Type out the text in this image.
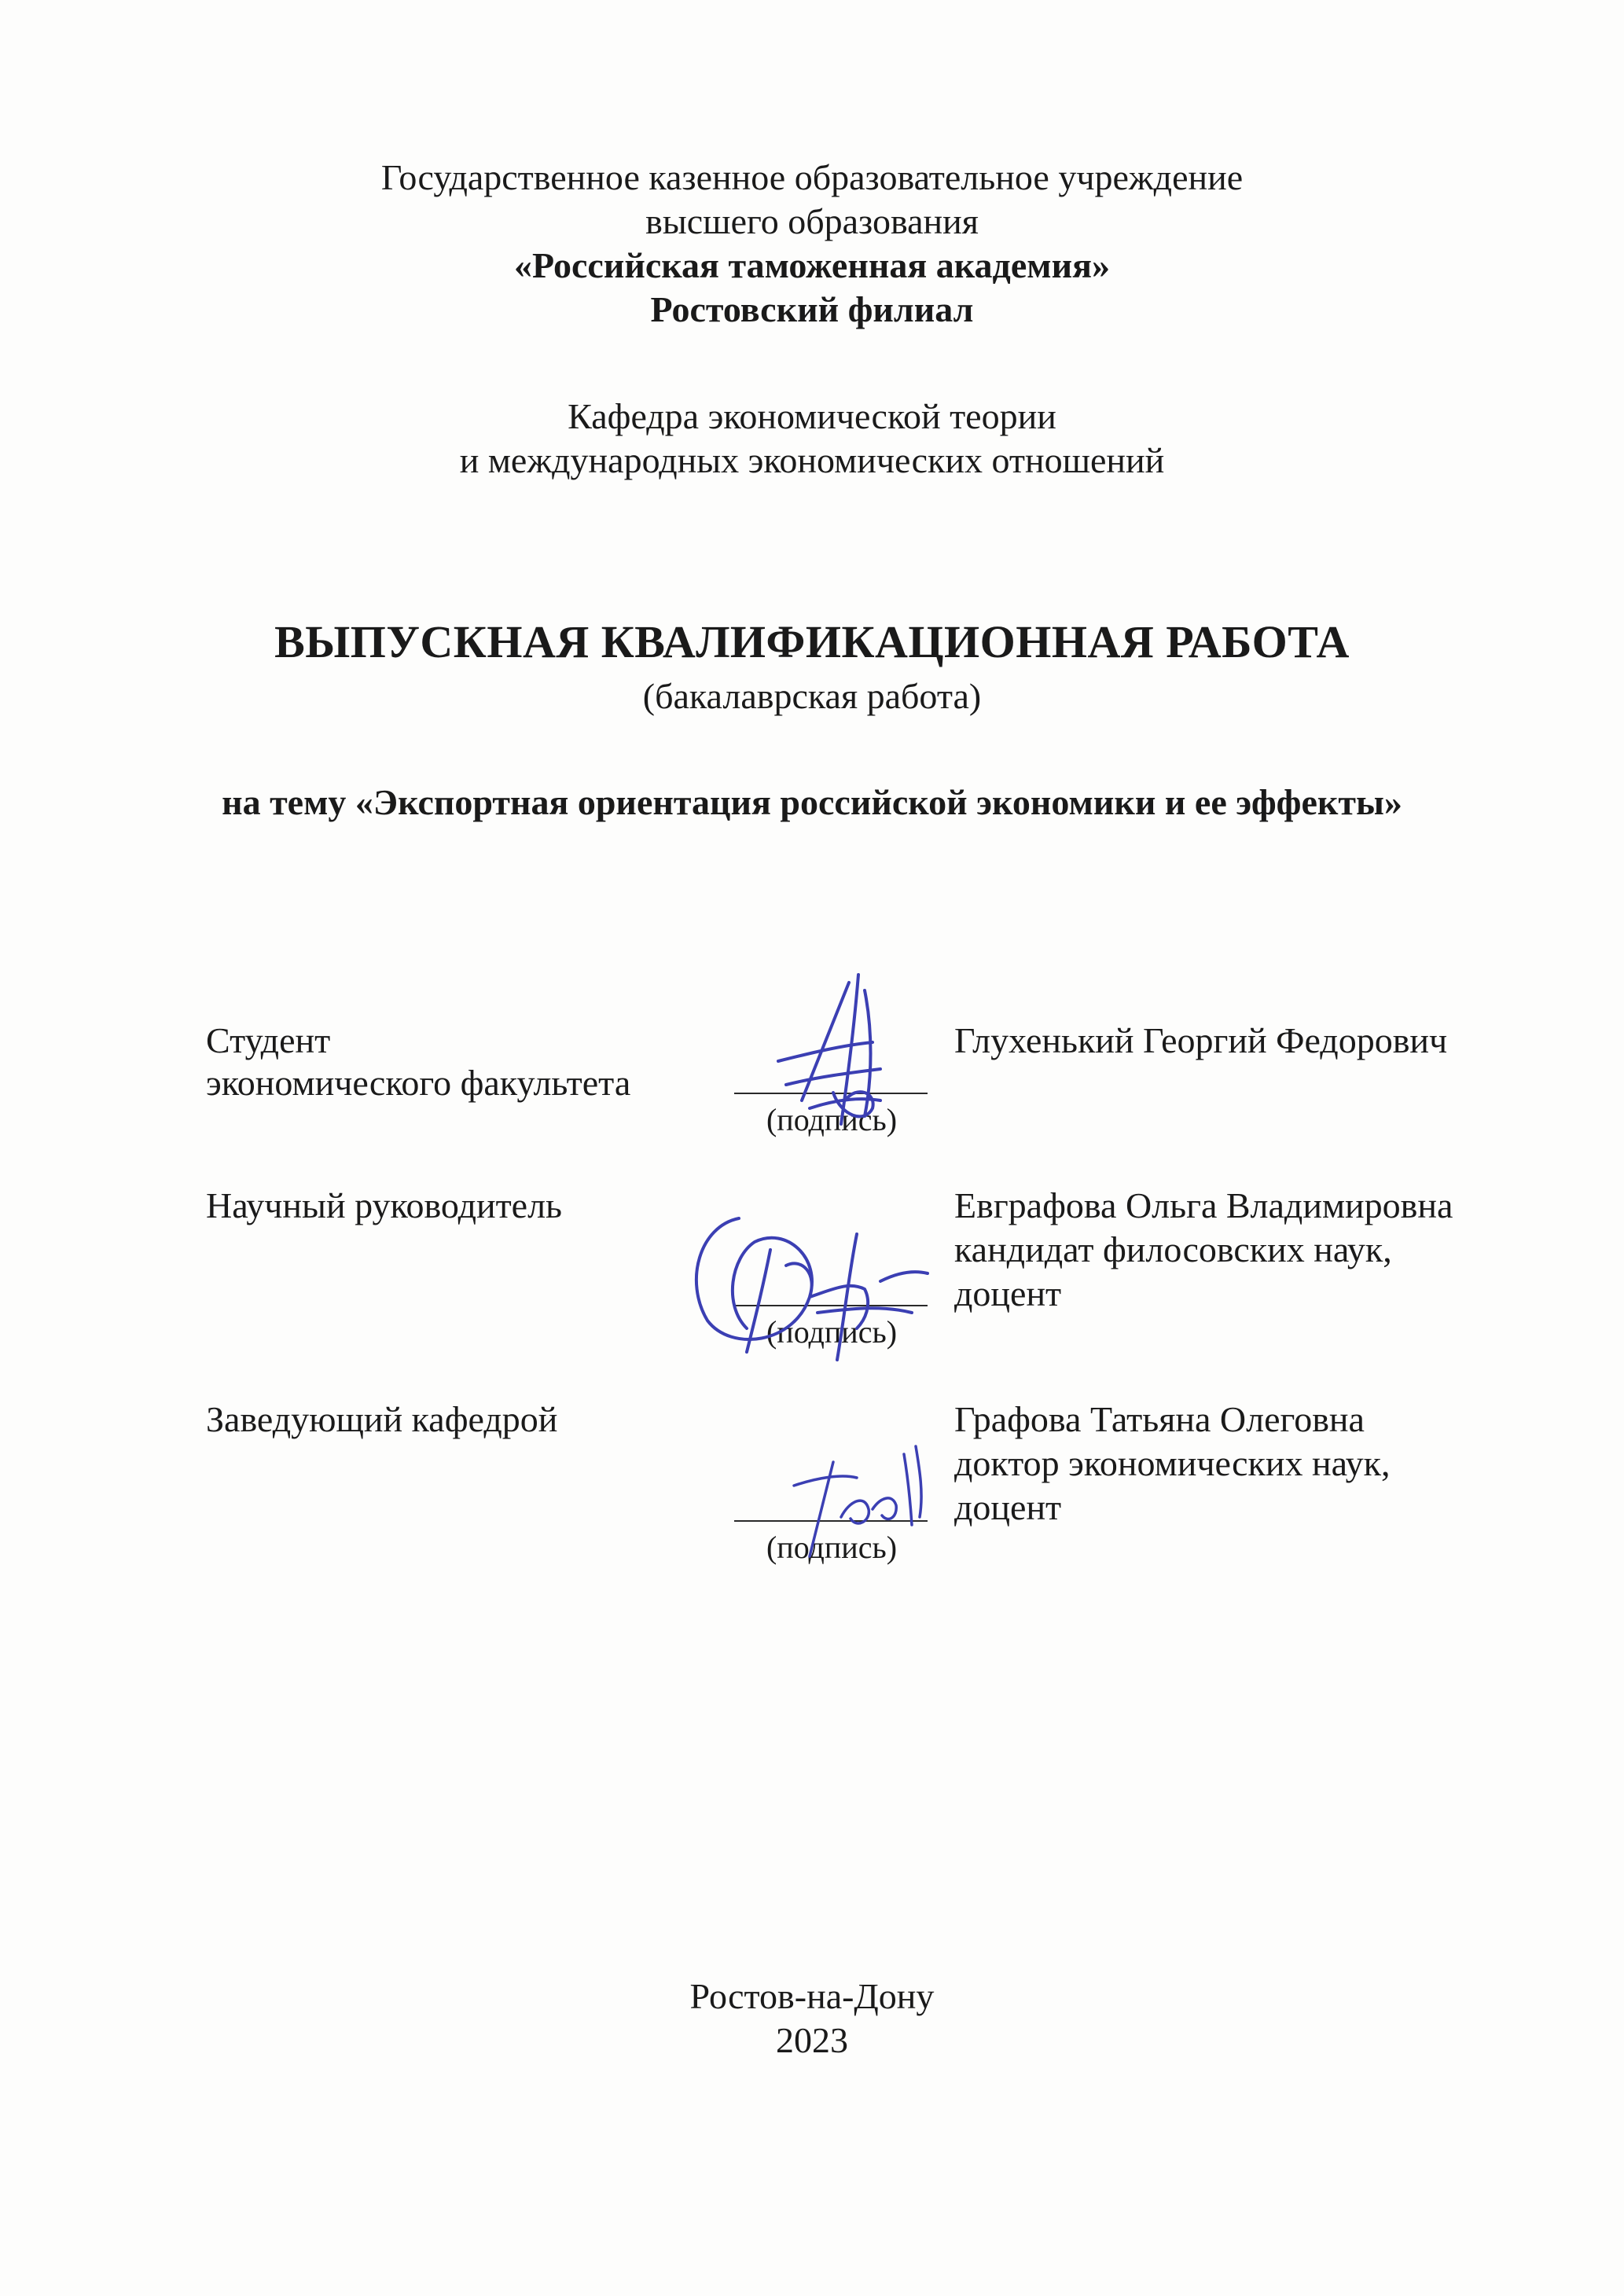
Государственное казенное образовательное учреждение
высшего образования
«Российская таможенная академия»
Ростовский филиал
Кафедра экономической теории
и международных экономических отношений
ВЫПУСКНАЯ КВАЛИФИКАЦИОННАЯ РАБОТА
(бакалаврская работа)
на тему «Экспортная ориентация российской экономики и ее эффекты»
Студент
экономического факультета
(подпись)
Глухенький Георгий Федорович
Научный руководитель
(подпись)
Евграфова Ольга Владимировна
кандидат филосовских наук,
доцент
Заведующий кафедрой
(подпись)
Графова Татьяна Олеговна
доктор экономических наук,
доцент
Ростов-на-Дону
2023
